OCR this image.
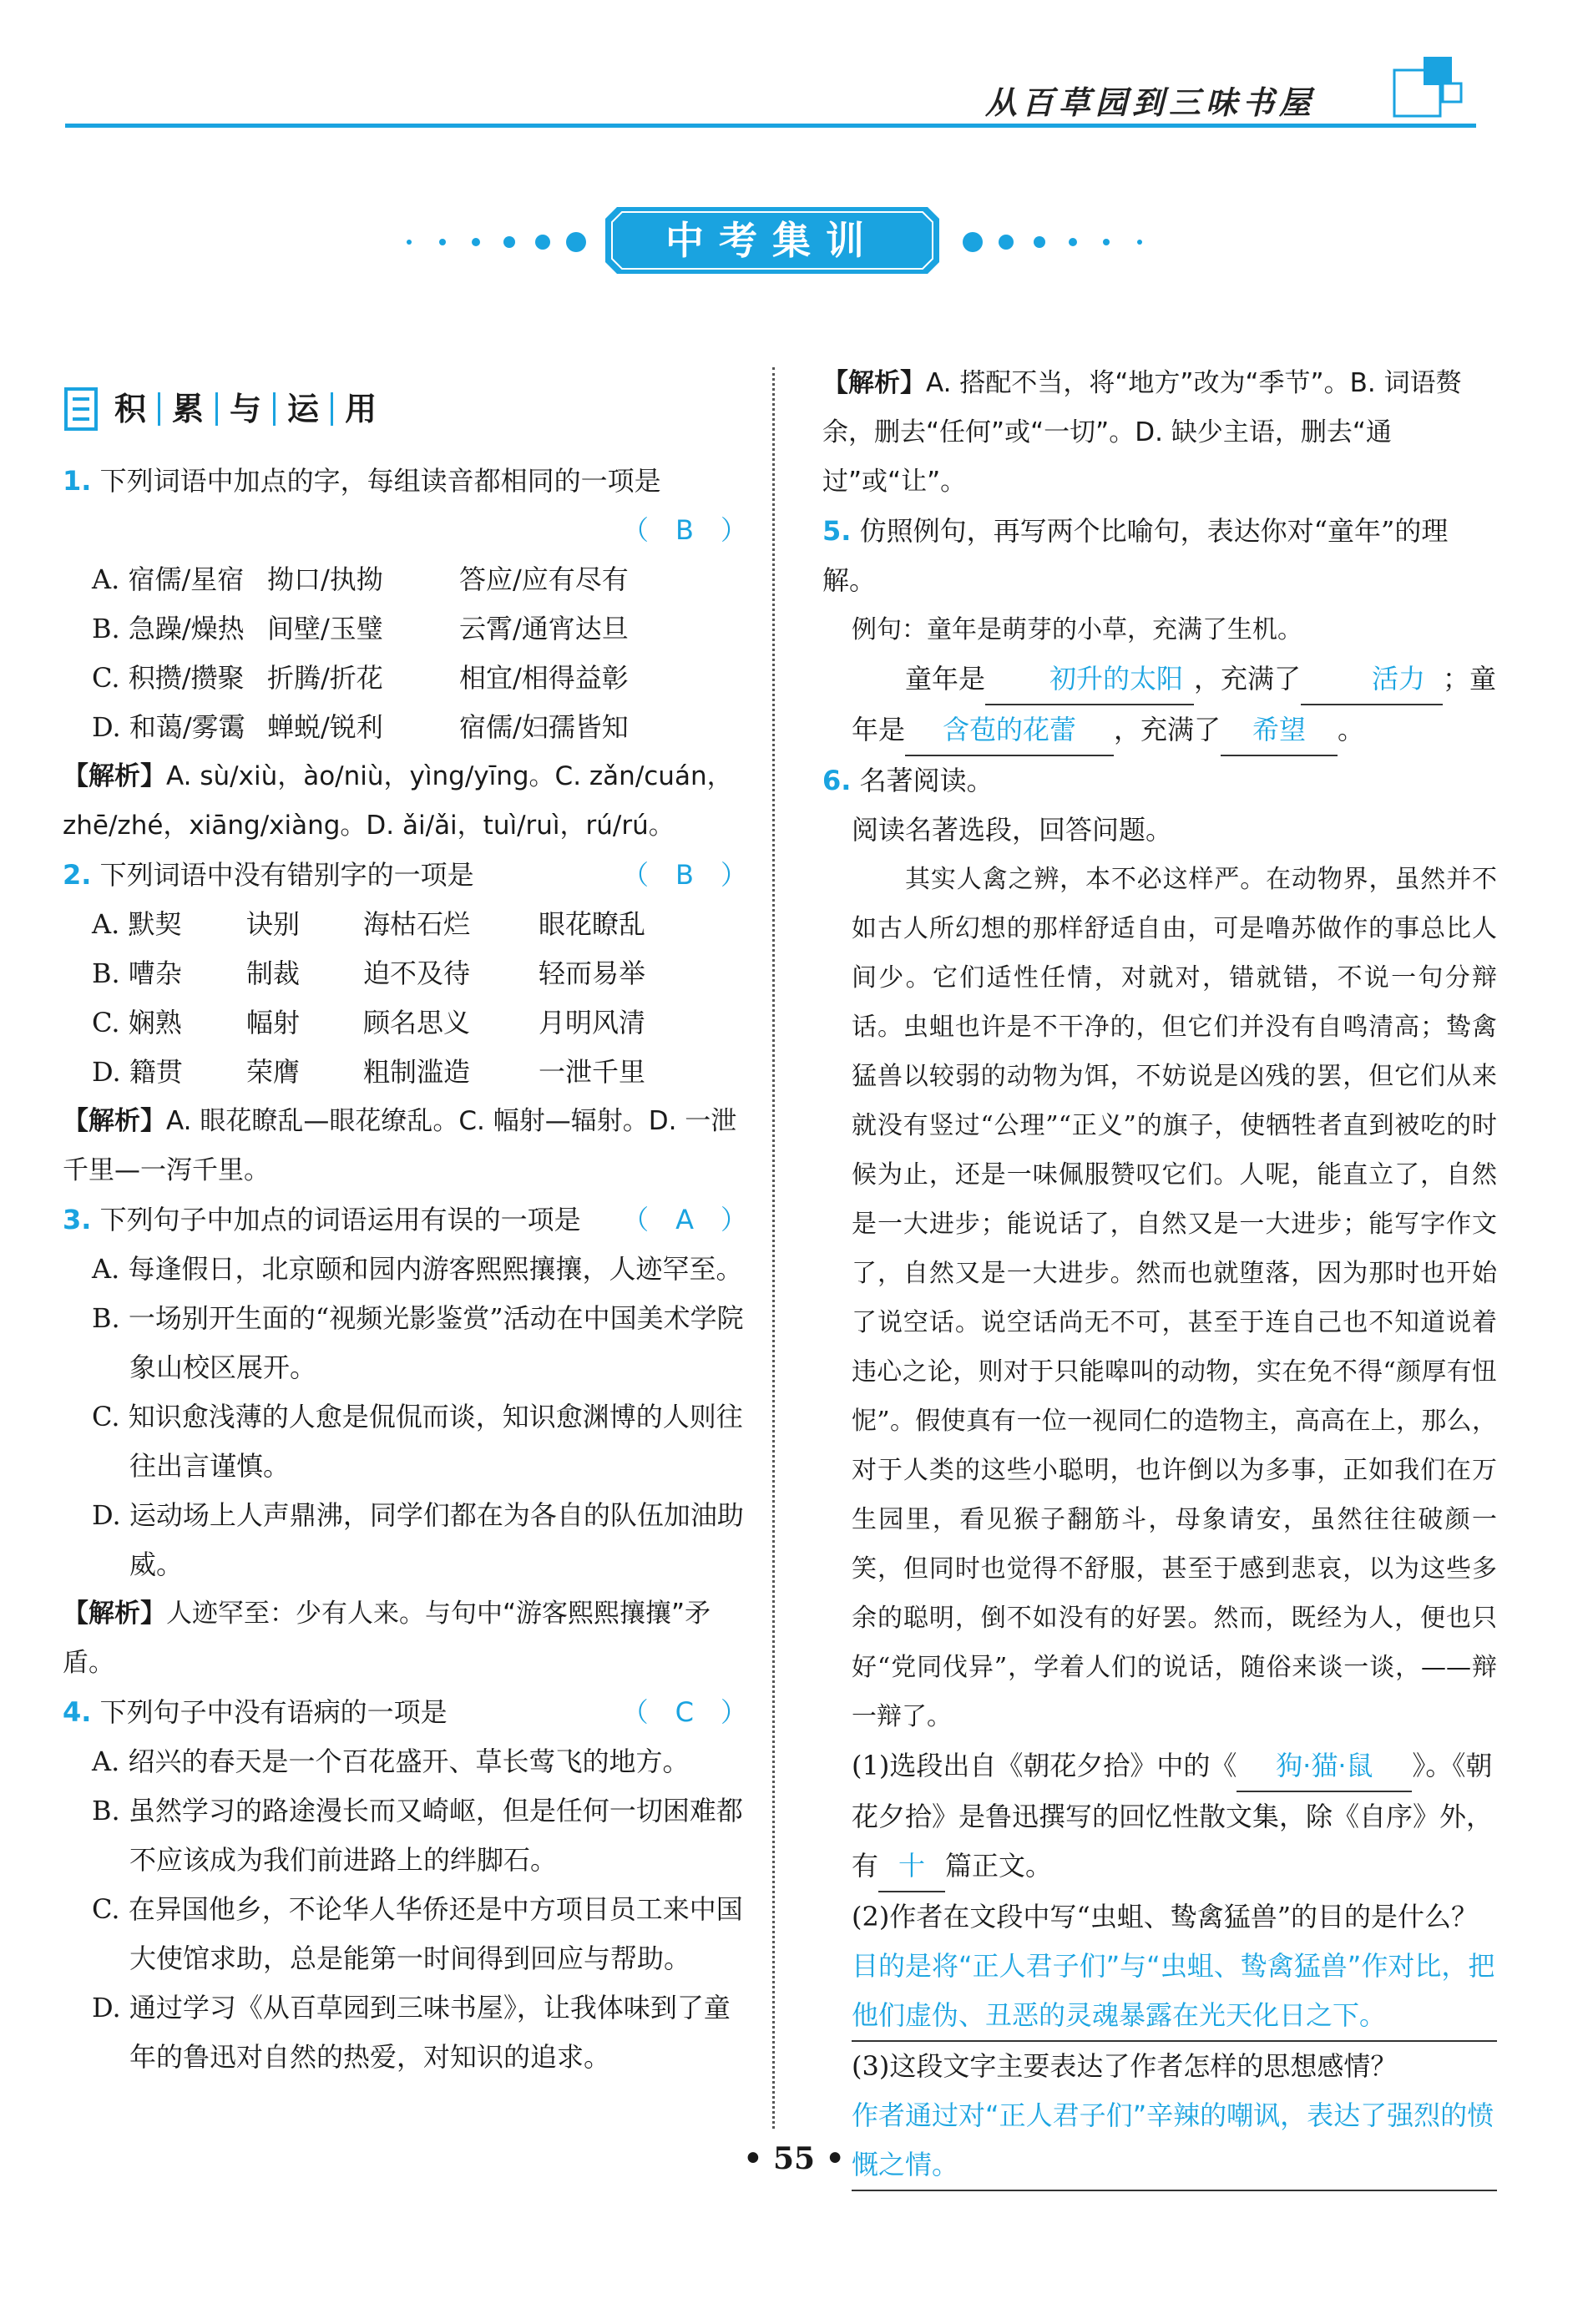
从百草园到三味书屋
中考集训
积 累 与 运 用
1. 下列词语中加点的字，每组读音都相同的一项是
（　B　）
A. 宿儒/星宿 拗口/执拗	答应/应有尽有
B. 急躁/燥热 间壁/玉璧	云霄/通宵达旦
C. 积攒/攒聚 折腾/折花	相宜/相得益彰
D. 和蔼/雾霭 蝉蜕/锐利	宿儒/妇孺皆知
【解析】A. sù/xiù，ào/niù，yìng/yīng。C. zǎn/cuán，zhē/zhé，xiāng/xiàng。D. ǎi/ǎi，tuì/ruì，rú/rú。
2. 下列词语中没有错别字的一项是	（　B　）
A. 默契	诀别	海枯石烂	眼花瞭乱
B. 嘈杂	制裁	迫不及待	轻而易举
C. 娴熟	幅射	顾名思义	月明风清
D. 籍贯	荣膺	粗制滥造	一泄千里
【解析】A. 眼花瞭乱—眼花缭乱。C. 幅射—辐射。D. 一泄千里—一泻千里。
3. 下列句子中加点的词语运用有误的一项是 （　A　）
A. 每逢假日，北京颐和园内游客熙熙攘攘，人迹罕至。
B. 一场别开生面的“视频光影鉴赏”活动在中国美术学院象山校区展开。
C. 知识愈浅薄的人愈是侃侃而谈，知识愈渊博的人则往往出言谨慎。
D. 运动场上人声鼎沸，同学们都在为各自的队伍加油助威。
【解析】人迹罕至：少有人来。与句中“游客熙熙攘攘”矛盾。
4. 下列句子中没有语病的一项是	（　C　）
A. 绍兴的春天是一个百花盛开、草长莺飞的地方。
B. 虽然学习的路途漫长而又崎岖，但是任何一切困难都不应该成为我们前进路上的绊脚石。
C. 在异国他乡，不论华人华侨还是中方项目员工来中国大使馆求助，总是能第一时间得到回应与帮助。
D. 通过学习《从百草园到三味书屋》，让我体味到了童年的鲁迅对自然的热爱，对知识的追求。
【解析】A. 搭配不当，将“地方”改为“季节”。B. 词语赘余，删去“任何”或“一切”。D. 缺少主语，删去“通过”或“让”。
5. 仿照例句，再写两个比喻句，表达你对“童年”的理解。
例句：童年是萌芽的小草，充满了生机。
童年是 初升的太阳 ，充满了	活力 ；童
年是 含苞的花蕾 ，充满了 希望 。
6. 名著阅读。
阅读名著选段，回答问题。
其实人禽之辨，本不必这样严。在动物界，虽然并不如古人所幻想的那样舒适自由，可是噜苏做作的事总比人间少。它们适性任情，对就对，错就错，不说一句分辩话。虫蛆也许是不干净的，但它们并没有自鸣清高；鸷禽猛兽以较弱的动物为饵，不妨说是凶残的罢，但它们从来就没有竖过“公理”“正义”的旗子，使牺牲者直到被吃的时候为止，还是一味佩服赞叹它们。人呢，能直立了，自然是一大进步；能说话了，自然又是一大进步；能写字作文了，自然又是一大进步。然而也就堕落，因为那时也开始了说空话。说空话尚无不可，甚至于连自己也不知道说着违心之论，则对于只能嗥叫的动物，实在免不得“颜厚有忸怩”。假使真有一位一视同仁的造物主，高高在上，那么，对于人类的这些小聪明，也许倒以为多事，正如我们在万生园里，看见猴子翻筋斗，母象请安，虽然往往破颜一笑，但同时也觉得不舒服，甚至于感到悲哀，以为这些多余的聪明，倒不如没有的好罢。然而，既经为人，便也只好“党同伐异”，学着人们的说话，随俗来谈一谈，——辩一辩了。
(1)选段出自《朝花夕拾》中的《 狗·猫·鼠 》。《朝花夕拾》是鲁迅撰写的回忆性散文集，除《自序》外，有 十 篇正文。
(2)作者在文段中写“虫蛆、鸷禽猛兽”的目的是什么？
目的是将“正人君子们”与“虫蛆、鸷禽猛兽”作对比，把他们虚伪、丑恶的灵魂暴露在光天化日之下。
(3)这段文字主要表达了作者怎样的思想感情？
作者通过对“正人君子们”辛辣的嘲讽，表达了强烈的愤慨之情。
• 55 •
